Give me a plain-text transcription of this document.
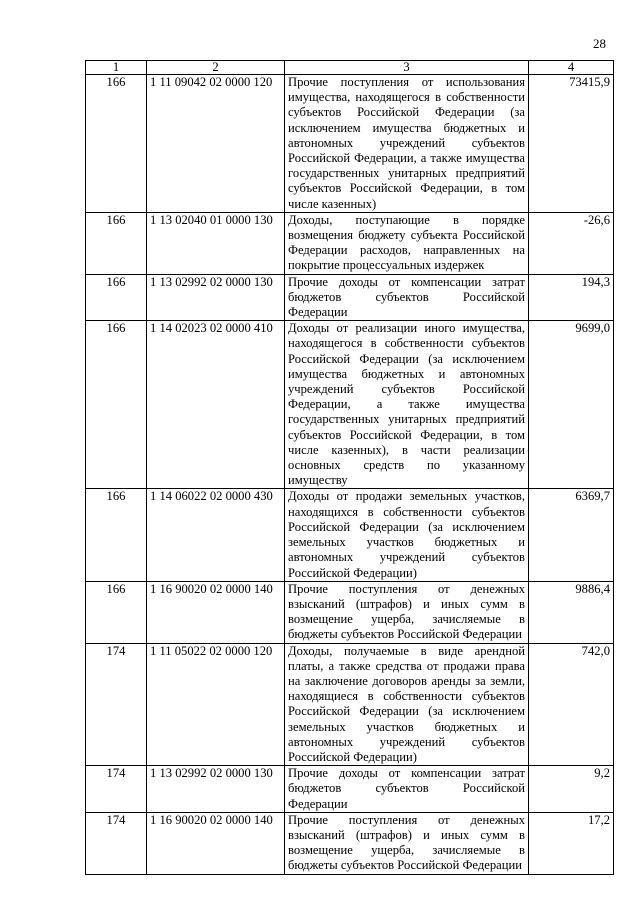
28
1	2	3	4
166	1 11 09042 02 0000 120	Прочие поступления от использования имущества, находящегося в собственности субъектов Российской Федерации (за исключением имущества бюджетных и автономных учреждений субъектов Российской Федерации, а также имущества государственных унитарных предприятий субъектов Российской Федерации, в том числе казенных)	73415,9
166	1 13 02040 01 0000 130	Доходы, поступающие в порядке возмещения бюджету субъекта Российской Федерации расходов, направленных на покрытие процессуальных издержек	-26,6
166	1 13 02992 02 0000 130	Прочие доходы от компенсации затрат бюджетов субъектов Российской Федерации	194,3
166	1 14 02023 02 0000 410	Доходы от реализации иного имущества, находящегося в собственности субъектов Российской Федерации (за исключением имущества бюджетных и автономных учреждений субъектов Российской Федерации, а также имущества государственных унитарных предприятий субъектов Российской Федерации, в том числе казенных), в части реализации основных средств по указанному имуществу	9699,0
166	1 14 06022 02 0000 430	Доходы от продажи земельных участков, находящихся в собственности субъектов Российской Федерации (за исключением земельных участков бюджетных и автономных учреждений субъектов Российской Федерации)	6369,7
166	1 16 90020 02 0000 140	Прочие поступления от денежных взысканий (штрафов) и иных сумм в возмещение ущерба, зачисляемые в бюджеты субъектов Российской Федерации	9886,4
174	1 11 05022 02 0000 120	Доходы, получаемые в виде арендной платы, а также средства от продажи права на заключение договоров аренды за земли, находящиеся в собственности субъектов Российской Федерации (за исключением земельных участков бюджетных и автономных учреждений субъектов Российской Федерации)	742,0
174	1 13 02992 02 0000 130	Прочие доходы от компенсации затрат бюджетов субъектов Российской Федерации	9,2
174	1 16 90020 02 0000 140	Прочие поступления от денежных взысканий (штрафов) и иных сумм в возмещение ущерба, зачисляемые в бюджеты субъектов Российской Федерации	17,2
